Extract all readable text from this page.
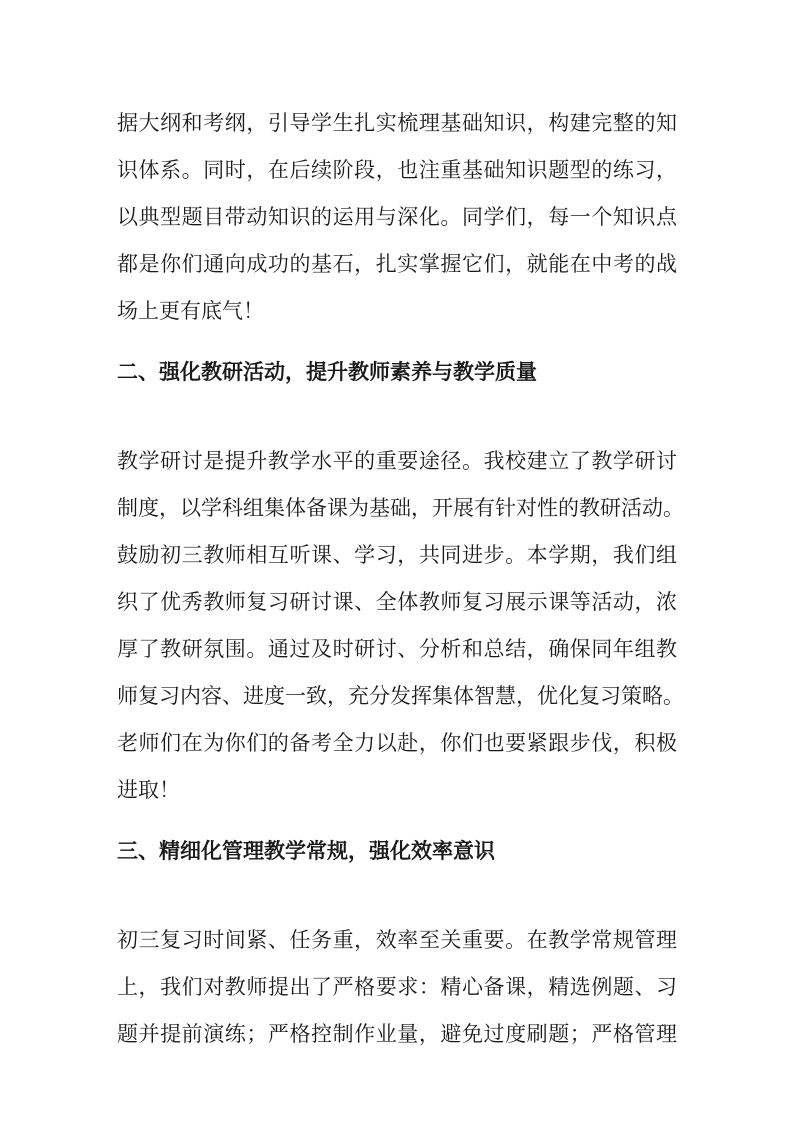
据大纲和考纲，引导学生扎实梳理基础知识，构建完整的知
识体系。同时，在后续阶段，也注重基础知识题型的练习，
以典型题目带动知识的运用与深化。同学们，每一个知识点
都是你们通向成功的基石，扎实掌握它们，就能在中考的战
场上更有底气！
二、强化教研活动，提升教师素养与教学质量
教学研讨是提升教学水平的重要途径。我校建立了教学研讨
制度，以学科组集体备课为基础，开展有针对性的教研活动。
鼓励初三教师相互听课、学习，共同进步。本学期，我们组
织了优秀教师复习研讨课、全体教师复习展示课等活动，浓
厚了教研氛围。通过及时研讨、分析和总结，确保同年组教
师复习内容、进度一致，充分发挥集体智慧，优化复习策略。
老师们在为你们的备考全力以赴，你们也要紧跟步伐，积极
进取！
三、精细化管理教学常规，强化效率意识
初三复习时间紧、任务重，效率至关重要。在教学常规管理
上，我们对教师提出了严格要求：精心备课，精选例题、习
题并提前演练；严格控制作业量，避免过度刷题；严格管理
